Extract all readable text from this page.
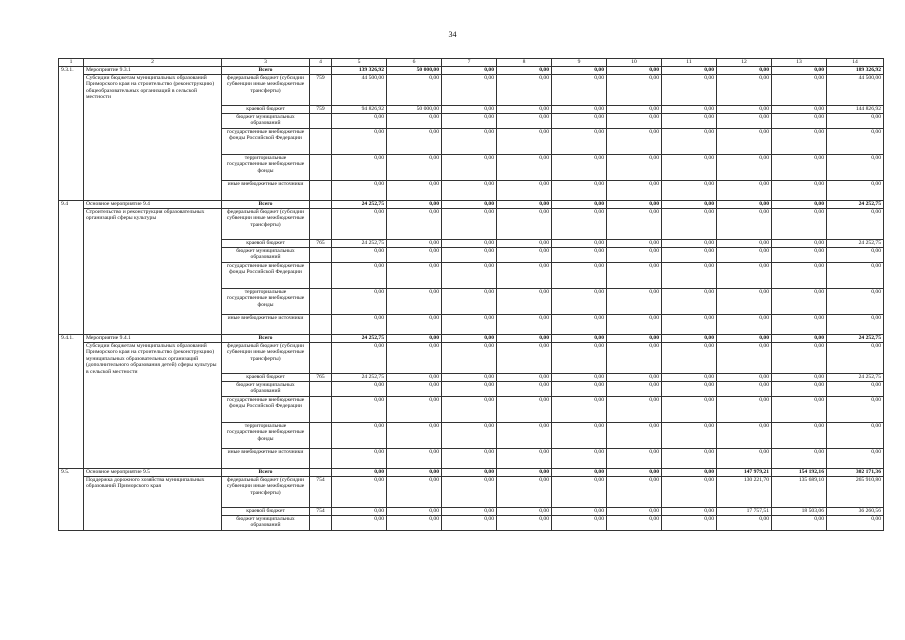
34
1	2	3	4	5	6	7	8	9	10	11	12	13	14
9.3.1.	Мероприятие 9.3.1	Всего		139 326,92	50 000,00	0,00	0,00	0,00	0,00	0,00	0,00	0,00	189 326,92
	Субсидии бюджетам муниципальных образований Приморского края на строительство (реконструкцию) общеобразовательных организаций в сельской местности	федеральный бюджет (субсидии субвенции иные межбюджетные трансферты)	759	44 500,00	0,00	0,00	0,00	0,00	0,00	0,00	0,00	0,00	44 500,00
		краевой бюджет	759	94 826,92	50 000,00	0,00	0,00	0,00	0,00	0,00	0,00	0,00	144 826,92
		бюджет муниципальных образований		0,00	0,00	0,00	0,00	0,00	0,00	0,00	0,00	0,00	0,00
		государственные внебюджетные фонды Российской Федерации		0,00	0,00	0,00	0,00	0,00	0,00	0,00	0,00	0,00	0,00
		территориальные государственные внебюджетные фонды		0,00	0,00	0,00	0,00	0,00	0,00	0,00	0,00	0,00	0,00
		иные внебюджетные источники		0,00	0,00	0,00	0,00	0,00	0,00	0,00	0,00	0,00	0,00
9.4	Основное мероприятие 9.4	Всего		24 252,75	0,00	0,00	0,00	0,00	0,00	0,00	0,00	0,00	24 252,75
	Строительство и реконструкция образовательных организаций сферы культуры	федеральный бюджет (субсидии субвенции иные межбюджетные трансферты)		0,00	0,00	0,00	0,00	0,00	0,00	0,00	0,00	0,00	0,00
		краевой бюджет	765	24 252,75	0,00	0,00	0,00	0,00	0,00	0,00	0,00	0,00	24 252,75
		бюджет муниципальных образований		0,00	0,00	0,00	0,00	0,00	0,00	0,00	0,00	0,00	0,00
		государственные внебюджетные фонды Российской Федерации		0,00	0,00	0,00	0,00	0,00	0,00	0,00	0,00	0,00	0,00
		территориальные государственные внебюджетные фонды		0,00	0,00	0,00	0,00	0,00	0,00	0,00	0,00	0,00	0,00
		иные внебюджетные источники		0,00	0,00	0,00	0,00	0,00	0,00	0,00	0,00	0,00	0,00
9.4.1.	Мероприятие 9.4.1	Всего		24 252,75	0,00	0,00	0,00	0,00	0,00	0,00	0,00	0,00	24 252,75
	Субсидии бюджетам муниципальных образований Приморского края на строительство (реконструкцию) муниципальных образовательных организаций (дополнительного образования детей) сферы культуры в сельской местности	федеральный бюджет (субсидии субвенции иные межбюджетные трансферты)		0,00	0,00	0,00	0,00	0,00	0,00	0,00	0,00	0,00	0,00
		краевой бюджет	765	24 252,75	0,00	0,00	0,00	0,00	0,00	0,00	0,00	0,00	24 252,75
		бюджет муниципальных образований		0,00	0,00	0,00	0,00	0,00	0,00	0,00	0,00	0,00	0,00
		государственные внебюджетные фонды Российской Федерации		0,00	0,00	0,00	0,00	0,00	0,00	0,00	0,00	0,00	0,00
		территориальные государственные внебюджетные фонды		0,00	0,00	0,00	0,00	0,00	0,00	0,00	0,00	0,00	0,00
		иные внебюджетные источники		0,00	0,00	0,00	0,00	0,00	0,00	0,00	0,00	0,00	0,00
9.5.	Основное мероприятие 9.5	Всего		0,00	0,00	0,00	0,00	0,00	0,00	0,00	147 979,21	154 192,16	302 171,36
	Поддержка дорожного хозяйства муниципальных образований Приморского края	федеральный бюджет (субсидии субвенции иные межбюджетные трансферты)	754	0,00	0,00	0,00	0,00	0,00	0,00	0,00	130 221,70	135 689,10	265 910,80
		краевой бюджет	754	0,00	0,00	0,00	0,00	0,00	0,00	0,00	17 757,51	18 503,06	36 260,56
		бюджет муниципальных образований		0,00	0,00	0,00	0,00	0,00	0,00	0,00	0,00	0,00	0,00
